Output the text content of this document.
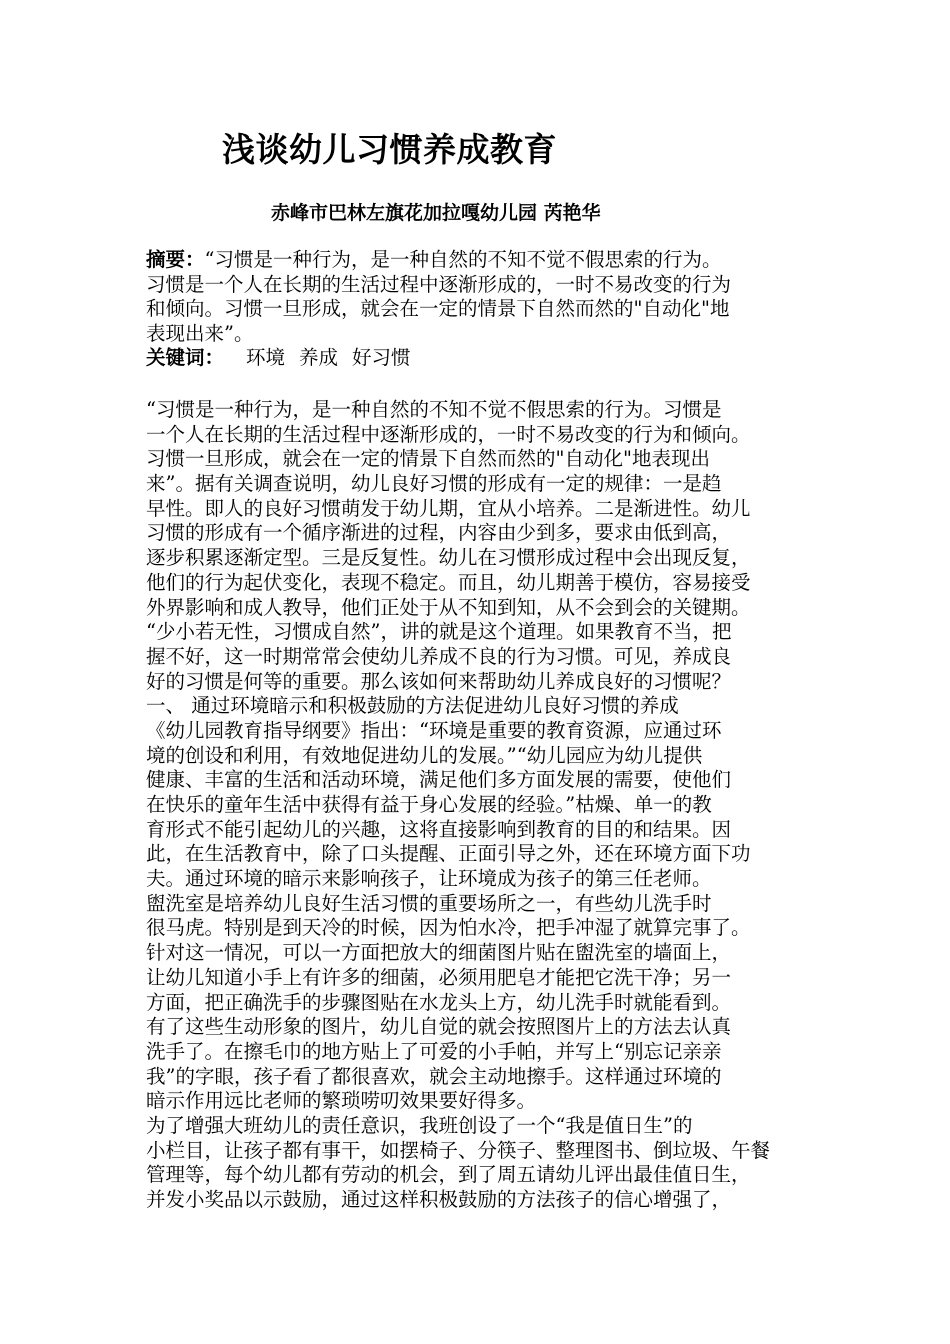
浅谈幼儿习惯养成教育
赤峰市巴林左旗花加拉嘎幼儿园 芮艳华
摘要：“习惯是一种行为，是一种自然的不知不觉不假思索的行为。
习惯是一个人在长期的生活过程中逐渐形成的，一时不易改变的行为
和倾向。习惯一旦形成，就会在一定的情景下自然而然的"自动化"地
表现出来”。
关键词： 环境 养成 好习惯
“习惯是一种行为，是一种自然的不知不觉不假思索的行为。习惯是
一个人在长期的生活过程中逐渐形成的，一时不易改变的行为和倾向。
习惯一旦形成，就会在一定的情景下自然而然的"自动化"地表现出
来”。据有关调查说明，幼儿良好习惯的形成有一定的规律：一是趋
早性。即人的良好习惯萌发于幼儿期，宜从小培养。二是渐进性。幼儿
习惯的形成有一个循序渐进的过程，内容由少到多，要求由低到高，
逐步积累逐渐定型。三是反复性。幼儿在习惯形成过程中会出现反复，
他们的行为起伏变化，表现不稳定。而且，幼儿期善于模仿，容易接受
外界影响和成人教导，他们正处于从不知到知，从不会到会的关键期。
“少小若无性，习惯成自然”，讲的就是这个道理。如果教育不当，把
握不好，这一时期常常会使幼儿养成不良的行为习惯。可见，养成良
好的习惯是何等的重要。那么该如何来帮助幼儿养成良好的习惯呢？
一、 通过环境暗示和积极鼓励的方法促进幼儿良好习惯的养成
《幼儿园教育指导纲要》指出：“环境是重要的教育资源，应通过环
境的创设和利用，有效地促进幼儿的发展。”“幼儿园应为幼儿提供
健康、丰富的生活和活动环境，满足他们多方面发展的需要，使他们
在快乐的童年生活中获得有益于身心发展的经验。”枯燥、单一的教
育形式不能引起幼儿的兴趣，这将直接影响到教育的目的和结果。因
此，在生活教育中，除了口头提醒、正面引导之外，还在环境方面下功
夫。通过环境的暗示来影响孩子，让环境成为孩子的第三任老师。
盥洗室是培养幼儿良好生活习惯的重要场所之一，有些幼儿洗手时
很马虎。特别是到天冷的时候，因为怕水冷，把手冲湿了就算完事了。
针对这一情况，可以一方面把放大的细菌图片贴在盥洗室的墙面上，
让幼儿知道小手上有许多的细菌，必须用肥皂才能把它洗干净；另一
方面，把正确洗手的步骤图贴在水龙头上方，幼儿洗手时就能看到。
有了这些生动形象的图片，幼儿自觉的就会按照图片上的方法去认真
洗手了。在擦毛巾的地方贴上了可爱的小手帕，并写上“别忘记亲亲
我”的字眼，孩子看了都很喜欢，就会主动地擦手。这样通过环境的
暗示作用远比老师的繁琐唠叨效果要好得多。
为了增强大班幼儿的责任意识，我班创设了一个“我是值日生”的
小栏目，让孩子都有事干，如摆椅子、分筷子、整理图书、倒垃圾、午餐
管理等，每个幼儿都有劳动的机会，到了周五请幼儿评出最佳值日生，
并发小奖品以示鼓励，通过这样积极鼓励的方法孩子的信心增强了，
